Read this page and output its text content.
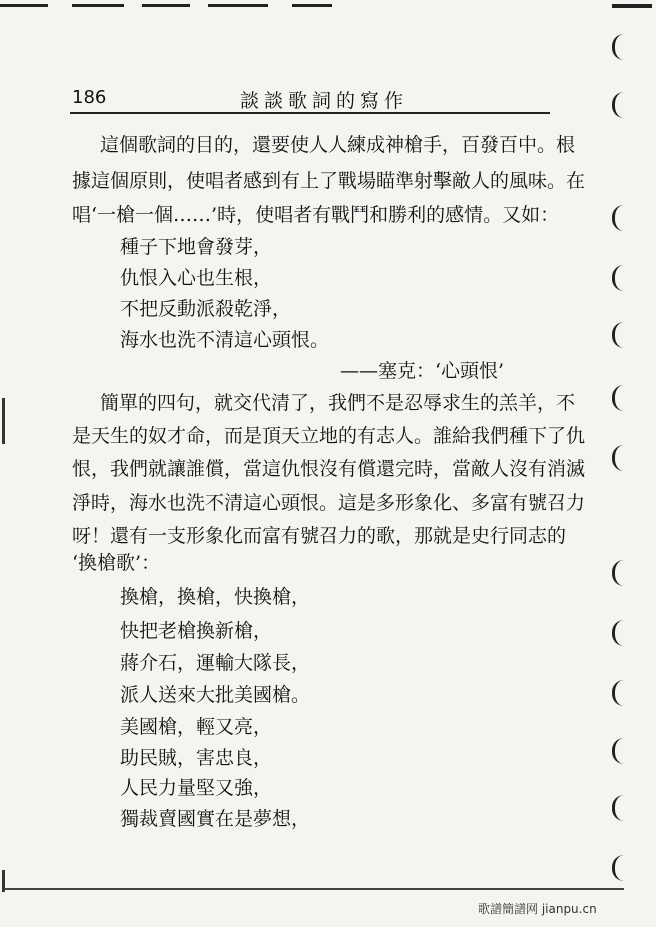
186	談談歌詞的寫作
這個歌詞的目的，還要使人人練成神槍手，百發百中。根
據這個原則，使唱者感到有上了戰場瞄準射擊敵人的風味。在
唱‘一槍一個……’時，使唱者有戰鬥和勝利的感情。又如：
種子下地會發芽，
仇恨入心也生根，
不把反動派殺乾淨，
海水也洗不清這心頭恨。
——塞克：‘心頭恨’
簡單的四句，就交代清了，我們不是忍辱求生的羔羊，不
是天生的奴才命，而是頂天立地的有志人。誰給我們種下了仇
恨，我們就讓誰償，當這仇恨沒有償還完時，當敵人沒有消滅
淨時，海水也洗不清這心頭恨。這是多形象化、多富有號召力
呀！還有一支形象化而富有號召力的歌，那就是史行同志的
‘換槍歌’：
換槍，換槍，快換槍，
快把老槍換新槍，
蔣介石，運輸大隊長，
派人送來大批美國槍。
美國槍，輕又亮，
助民賊，害忠良，
人民力量堅又強，
獨裁賣國實在是夢想，
歌譜簡譜网 jianpu.cn
